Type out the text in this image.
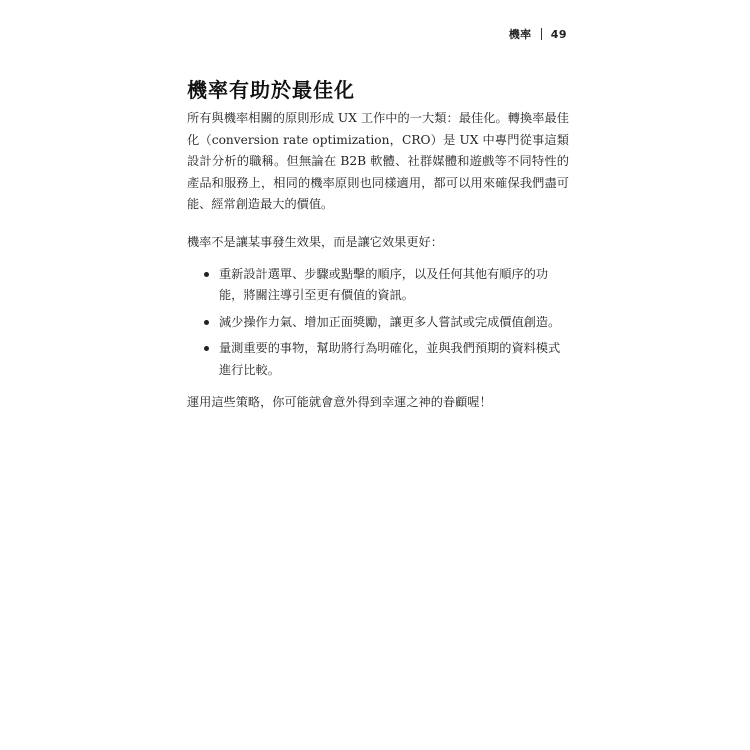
機率 49
機率有助於最佳化

所有與機率相關的原則形成 UX 工作中的一大類：最佳化。轉換率最佳化（conversion rate optimization，CRO）是 UX 中專門從事這類設計分析的職稱。但無論在 B2B 軟體、社群媒體和遊戲等不同特性的產品和服務上，相同的機率原則也同樣適用，都可以用來確保我們盡可能、經常創造最大的價值。

機率不是讓某事發生效果，而是讓它效果更好：

重新設計選單、步驟或點擊的順序，以及任何其他有順序的功能，將關注導引至更有價值的資訊。
減少操作力氣、增加正面獎勵，讓更多人嘗試或完成價值創造。
量測重要的事物，幫助將行為明確化，並與我們預期的資料模式進行比較。

運用這些策略，你可能就會意外得到幸運之神的眷顧喔！
